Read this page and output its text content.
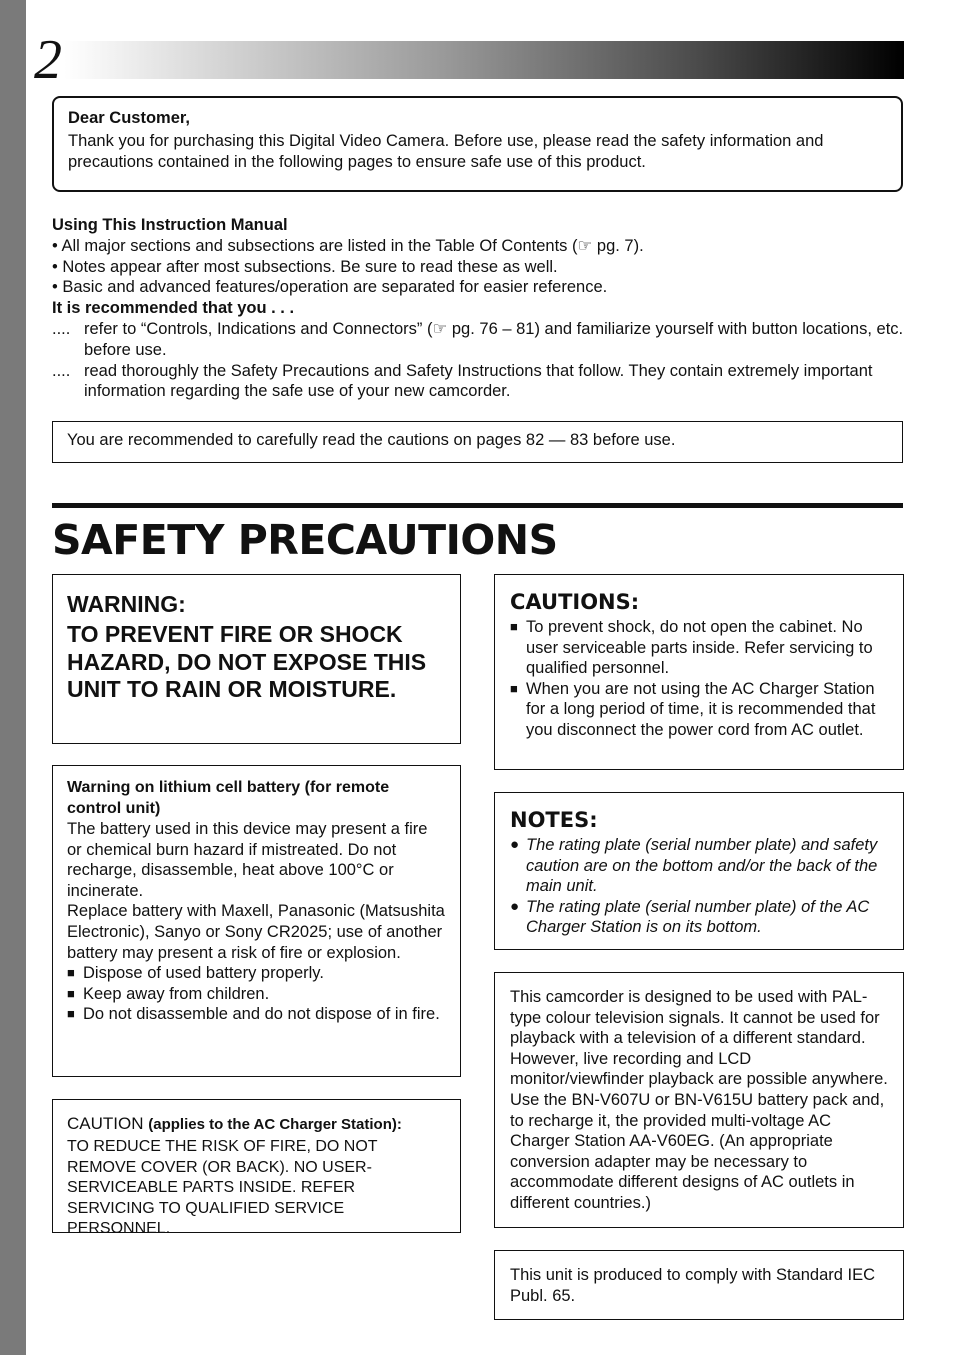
2
Dear Customer,
Thank you for purchasing this Digital Video Camera. Before use, please read the safety information and precautions contained in the following pages to ensure safe use of this product.
Using This Instruction Manual
• All major sections and subsections are listed in the Table Of Contents (☞ pg. 7).
• Notes appear after most subsections. Be sure to read these as well.
• Basic and advanced features/operation are separated for easier reference.
It is recommended that you . . .
.... refer to “Controls, Indications and Connectors” (☞ pg. 76 – 81) and familiarize yourself with button locations, etc. before use.
.... read thoroughly the Safety Precautions and Safety Instructions that follow. They contain extremely important information regarding the safe use of your new camcorder.
You are recommended to carefully read the cautions on pages 82 — 83 before use.
SAFETY PRECAUTIONS
WARNING:
TO PREVENT FIRE OR SHOCK HAZARD, DO NOT EXPOSE THIS UNIT TO RAIN OR MOISTURE.
CAUTIONS:
■ To prevent shock, do not open the cabinet. No user serviceable parts inside. Refer servicing to qualified personnel.
■ When you are not using the AC Charger Station for a long period of time, it is recommended that you disconnect the power cord from AC outlet.
NOTES:
● The rating plate (serial number plate) and safety caution are on the bottom and/or the back of the main unit.
● The rating plate (serial number plate) of the AC Charger Station is on its bottom.
Warning on lithium cell battery (for remote control unit)
The battery used in this device may present a fire or chemical burn hazard if mistreated. Do not recharge, disassemble, heat above 100°C or incinerate.
Replace battery with Maxell, Panasonic (Matsushita Electronic), Sanyo or Sony CR2025; use of another battery may present a risk of fire or explosion.
■ Dispose of used battery properly.
■ Keep away from children.
■ Do not disassemble and do not dispose of in fire.
CAUTION (applies to the AC Charger Station):
TO REDUCE THE RISK OF FIRE, DO NOT REMOVE COVER (OR BACK). NO USER-SERVICEABLE PARTS INSIDE. REFER SERVICING TO QUALIFIED SERVICE PERSONNEL.
This camcorder is designed to be used with PAL-type colour television signals. It cannot be used for playback with a television of a different standard. However, live recording and LCD monitor/viewfinder playback are possible anywhere. Use the BN-V607U or BN-V615U battery pack and, to recharge it, the provided multi-voltage AC Charger Station AA-V60EG. (An appropriate conversion adapter may be necessary to accommodate different designs of AC outlets in different countries.)
This unit is produced to comply with Standard IEC Publ. 65.
